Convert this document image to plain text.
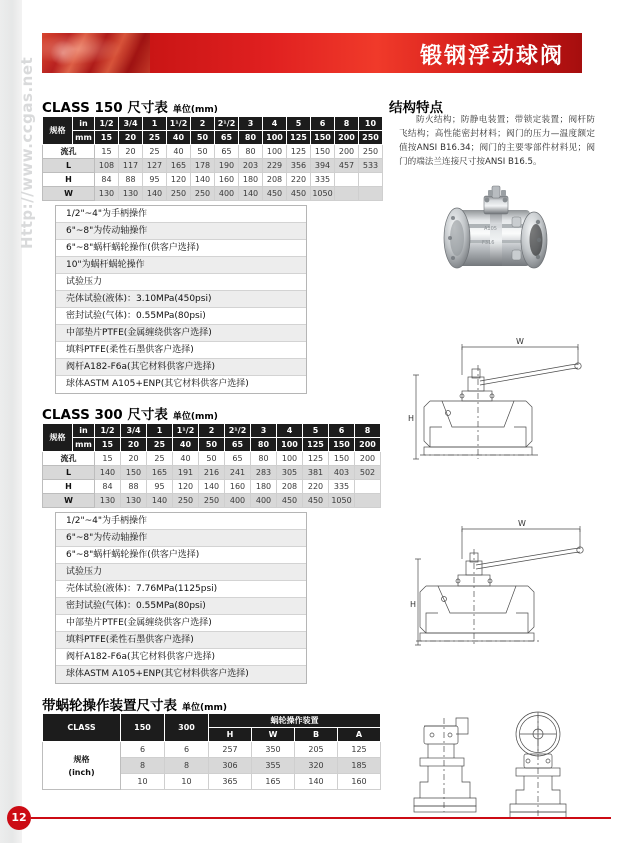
Http://www.ccgas.net
锻钢浮动球阀
CLASS 150 尺寸表 单位(mm)
规格	in	1/2	3/4	1	1¹/2	2	2¹/2	3	4	5	6	8	10
	mm	15	20	25	40	50	65	80	100	125	150	200	250
流孔		15	20	25	40	50	65	80	100	125	150	200	250
L		108	117	127	165	178	190	203	229	356	394	457	533
H		84	88	95	120	140	160	180	208	220	335		
W		130	130	140	250	250	400	140	450	450	1050		
1/2"~4"为手柄操作
6"~8"为传动轴操作
6"~8"蜗杆蜗轮操作(供客户选择)
10"为蜗杆蜗轮操作
试验压力
壳体试验(液体)：3.10MPa(450psi)
密封试验(气体)：0.55MPa(80psi)
中部垫片PTFE(金属缠绕供客户选择)
填料PTFE(柔性石墨供客户选择)
阀杆A182-F6a(其它材料供客户选择)
球体ASTM A105+ENP(其它材料供客户选择)
结构特点
防火结构；防静电装置；带锁定装置；阀杆防飞结构；高性能密封材料；阀门的压力—温度额定值按ANSI B16.34；阀门的主要零部件材料见；阀门的端法兰连接尺寸按ANSI B16.5。
A105
F316
W
H
W
H
CLASS 300 尺寸表 单位(mm)
规格	in	1/2	3/4	1	1¹/2	2	2¹/2	3	4	5	6	8
	mm	15	20	25	40	50	65	80	100	125	150	200
流孔		15	20	25	40	50	65	80	100	125	150	200
L		140	150	165	191	216	241	283	305	381	403	502
H		84	88	95	120	140	160	180	208	220	335	
W		130	130	140	250	250	400	400	450	450	1050	
1/2"~4"为手柄操作
6"~8"为传动轴操作
6"~8"蜗杆蜗轮操作(供客户选择)
试验压力
壳体试验(液体)：7.76MPa(1125psi)
密封试验(气体)：0.55MPa(80psi)
中部垫片PTFE(金属缠绕供客户选择)
填料PTFE(柔性石墨供客户选择)
阀杆A182-F6a(其它材料供客户选择)
球体ASTM A105+ENP(其它材料供客户选择)
带蜗轮操作装置尺寸表 单位(mm)
CLASS	150	300	蜗轮操作装置			
			H	W	B	A
规格
(inch)	6	6	257	350	205	125
	8	8	306	355	320	185
	10	10	365	165	140	160
12
